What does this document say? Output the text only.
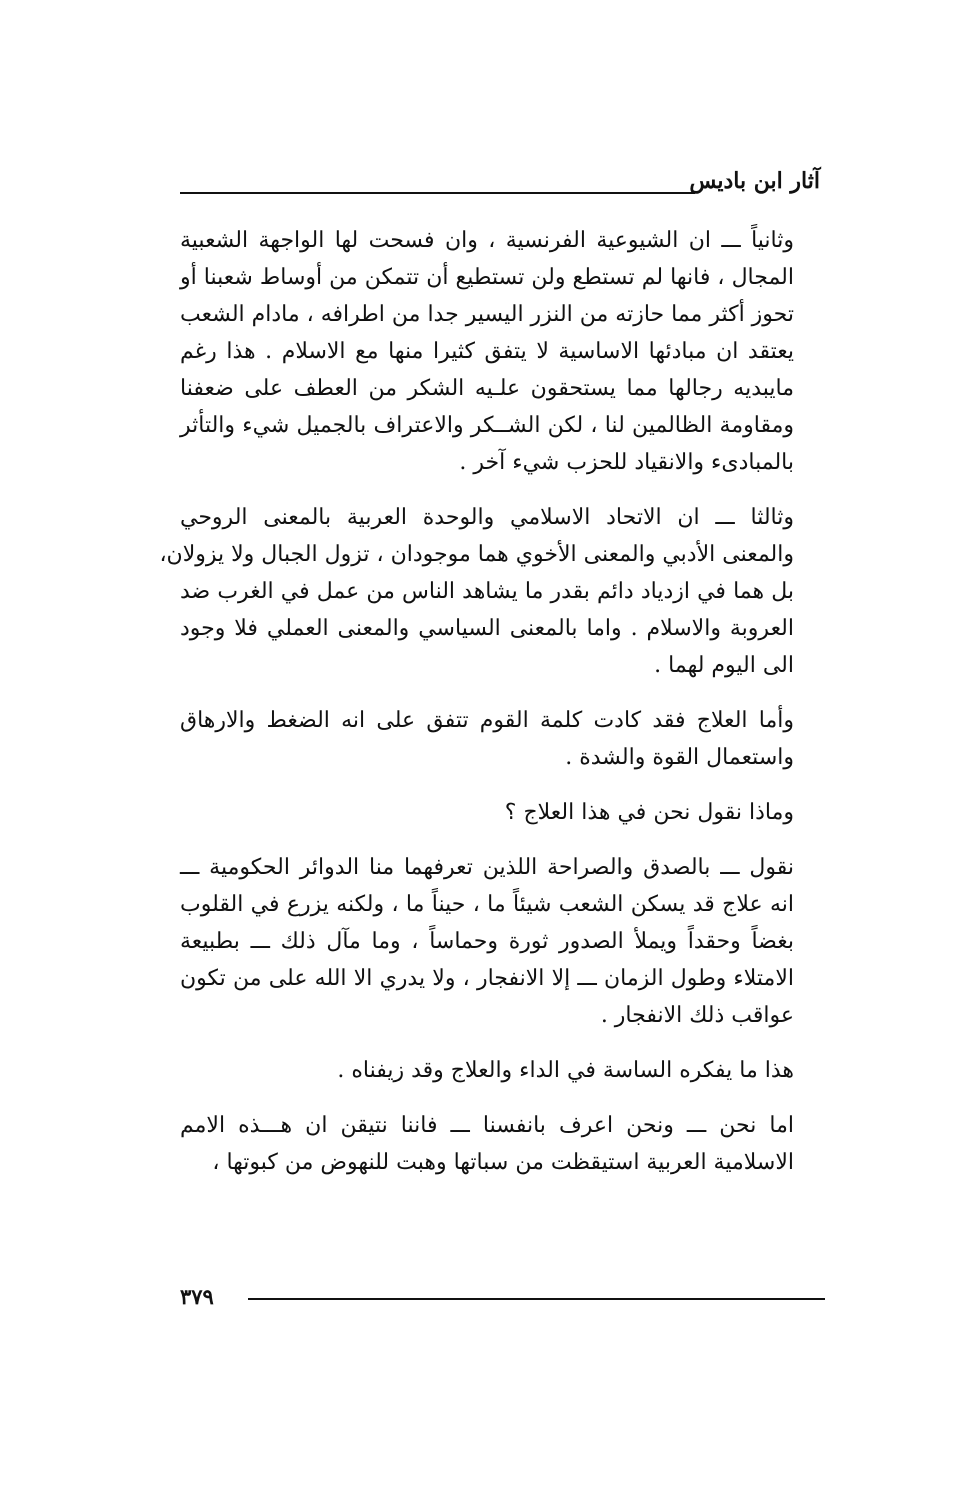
آثار ابن باديس
وثانياً ـــ ان الشيوعية الفرنسية ، وان فسحت لها الواجهة الشعبية
المجال ، فانها لم تستطع ولن تستطيع أن تتمكن من أوساط شعبنا أو
تحوز أكثر مما حازته من النزر اليسير جدا من اطرافه ، مادام الشعب
يعتقد ان مبادئها الاساسية لا يتفق كثيرا منها مع الاسلام . هذا رغم
مايبديه رجالها مما يستحقون علـيه الشكر من العطف على ضعفنا
ومقاومة الظالمين لنا ، لكن الشــكر والاعتراف بالجميل شيء والتأثر
بالمبادىء والانقياد للحزب شيء آخر .
وثالثا ـــ ان الاتحاد الاسلامي والوحدة العربية بالمعنى الروحي
والمعنى الأدبي والمعنى الأخوي هما موجودان ، تزول الجبال ولا يزولان،
بل هما في ازدياد دائم بقدر ما يشاهد الناس من عمل في الغرب ضد
العروبة والاسلام . واما بالمعنى السياسي والمعنى العملي فلا وجود
الى اليوم لهما .
وأما العلاج فقد كادت كلمة القوم تتفق على انه الضغط والارهاق
واستعمال القوة والشدة .
وماذا نقول نحن في هذا العلاج ؟
نقول ـــ بالصدق والصراحة اللذين تعرفهما منا الدوائر الحكومية ـــ
انه علاج قد يسكن الشعب شيئاً ما ، حيناً ما ، ولكنه يزرع في القلوب
بغضاً وحقداً ويملأ الصدور ثورة وحماساً ، وما مآل ذلك ـــ بطبيعة
الامتلاء وطول الزمان ـــ إلا الانفجار ، ولا يدري الا الله على من تكون
عواقب ذلك الانفجار .
هذا ما يفكره الساسة في الداء والعلاج وقد زيفناه .
اما نحن ـــ ونحن اعرف بانفسنا ـــ فاننا نتيقن ان هـــذه الامم
الاسلامية العربية استيقظت من سباتها وهبت للنهوض من كبوتها ،
٣٧٩
